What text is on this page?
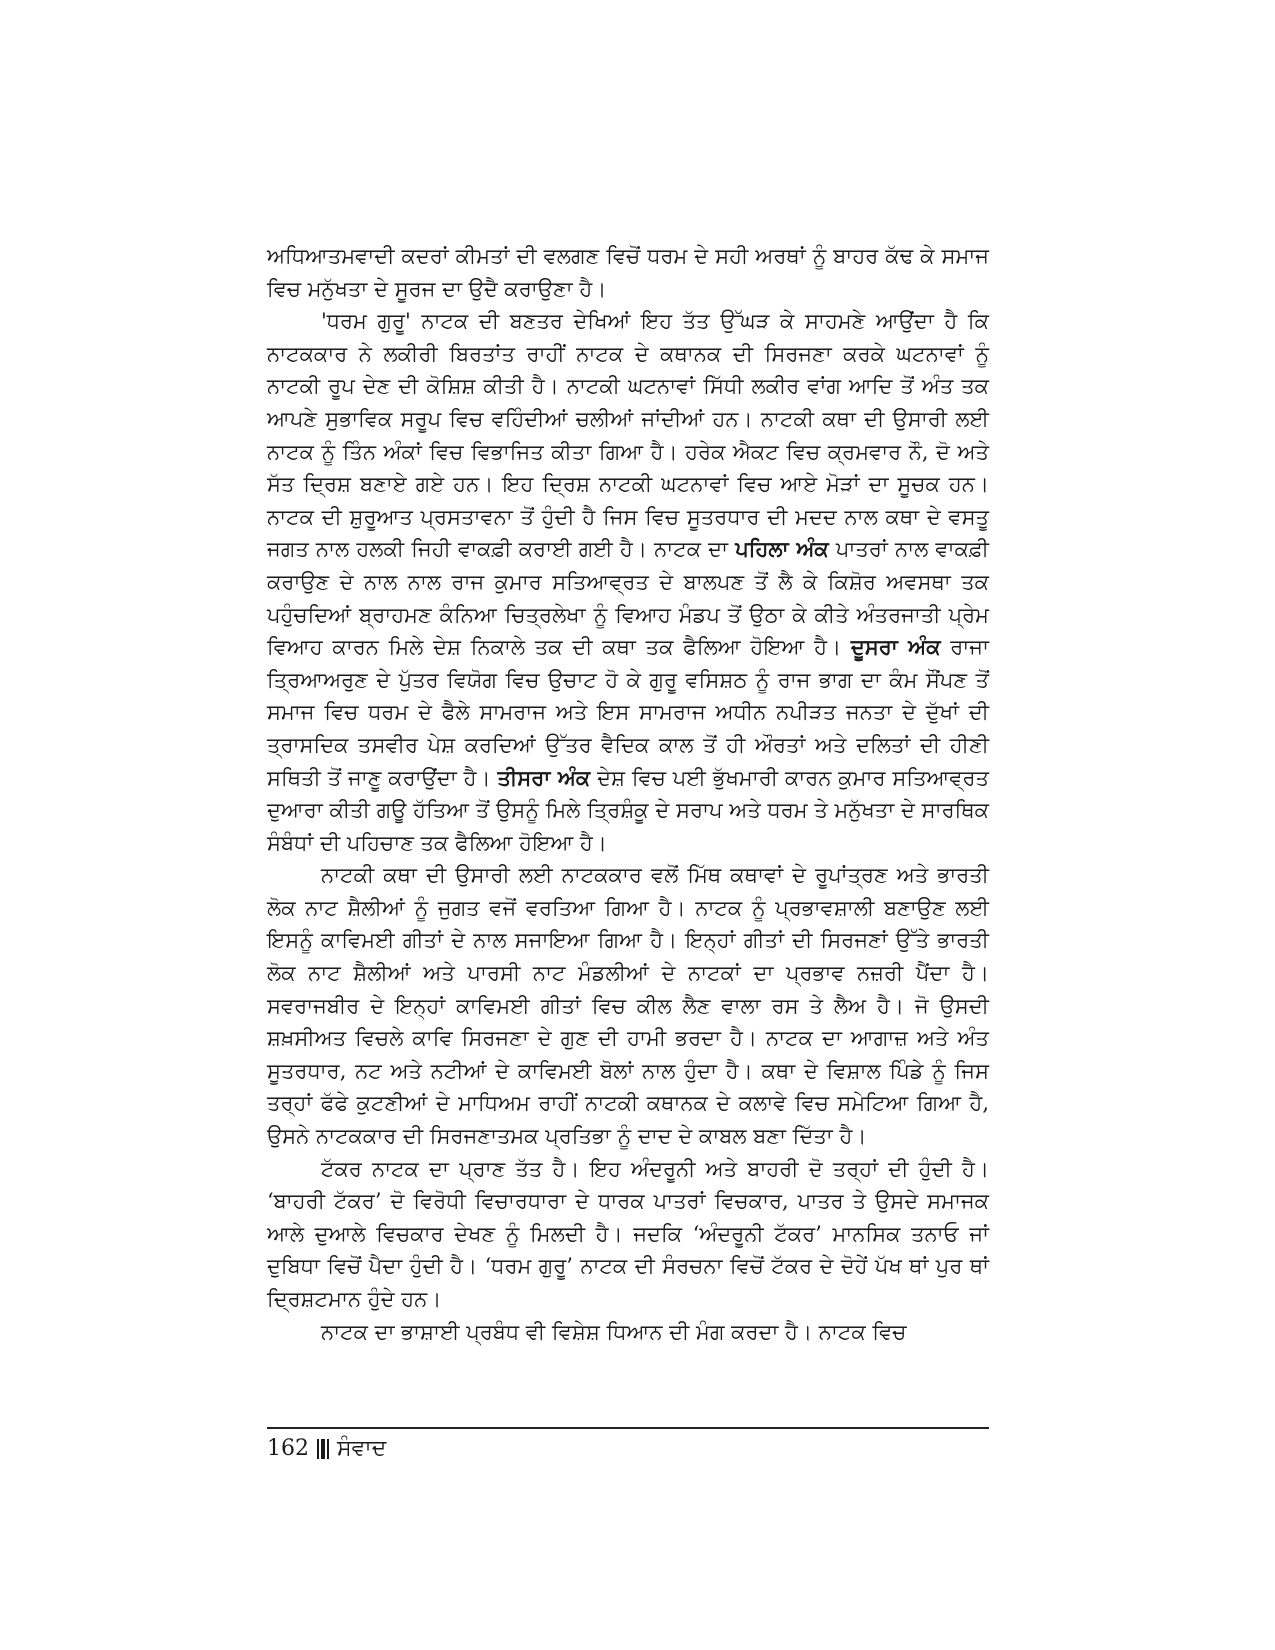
ਅਧਿਆਤਮਵਾਦੀ ਕਦਰਾਂ ਕੀਮਤਾਂ ਦੀ ਵਲਗਣ ਵਿਚੋਂ ਧਰਮ ਦੇ ਸਹੀ ਅਰਥਾਂ ਨੂੰ ਬਾਹਰ ਕੱਢ ਕੇ ਸਮਾਜ ਵਿਚ ਮਨੁੱਖਤਾ ਦੇ ਸੂਰਜ ਦਾ ਉਦੈ ਕਰਾਉਣਾ ਹੈ।

'ਧਰਮ ਗੁਰੂ' ਨਾਟਕ ਦੀ ਬਣਤਰ ਦੇਖਿਆਂ ਇਹ ਤੱਤ ਉੱਘੜ ਕੇ ਸਾਹਮਣੇ ਆਉਂਦਾ ਹੈ ਕਿ ਨਾਟਕਕਾਰ ਨੇ ਲਕੀਰੀ ਬਿਰਤਾਂਤ ਰਾਹੀਂ ਨਾਟਕ ਦੇ ਕਥਾਨਕ ਦੀ ਸਿਰਜਣਾ ਕਰਕੇ ਘਟਨਾਵਾਂ ਨੂੰ ਨਾਟਕੀ ਰੂਪ ਦੇਣ ਦੀ ਕੋਸ਼ਿਸ਼ ਕੀਤੀ ਹੈ। ਨਾਟਕੀ ਘਟਨਾਵਾਂ ਸਿੱਧੀ ਲਕੀਰ ਵਾਂਗ ਆਦਿ ਤੋਂ ਅੰਤ ਤਕ ਆਪਣੇ ਸੁਭਾਵਿਕ ਸਰੂਪ ਵਿਚ ਵਹਿੰਦੀਆਂ ਚਲੀਆਂ ਜਾਂਦੀਆਂ ਹਨ। ਨਾਟਕੀ ਕਥਾ ਦੀ ਉਸਾਰੀ ਲਈ ਨਾਟਕ ਨੂੰ ਤਿੰਨ ਅੰਕਾਂ ਵਿਚ ਵਿਭਾਜਿਤ ਕੀਤਾ ਗਿਆ ਹੈ। ਹਰੇਕ ਐਕਟ ਵਿਚ ਕ੍ਰਮਵਾਰ ਨੌ, ਦੋ ਅਤੇ ਸੱਤ ਦ੍ਰਿਸ਼ ਬਣਾਏ ਗਏ ਹਨ। ਇਹ ਦ੍ਰਿਸ਼ ਨਾਟਕੀ ਘਟਨਾਵਾਂ ਵਿਚ ਆਏ ਮੋੜਾਂ ਦਾ ਸੂਚਕ ਹਨ। ਨਾਟਕ ਦੀ ਸ਼ੁਰੂਆਤ ਪ੍ਰਸਤਾਵਨਾ ਤੋਂ ਹੁੰਦੀ ਹੈ ਜਿਸ ਵਿਚ ਸੂਤਰਧਾਰ ਦੀ ਮਦਦ ਨਾਲ ਕਥਾ ਦੇ ਵਸਤੂ ਜਗਤ ਨਾਲ ਹਲਕੀ ਜਿਹੀ ਵਾਕਫ਼ੀ ਕਰਾਈ ਗਈ ਹੈ। ਨਾਟਕ ਦਾ ਪਹਿਲਾ ਅੰਕ ਪਾਤਰਾਂ ਨਾਲ ਵਾਕਫ਼ੀ ਕਰਾਉਣ ਦੇ ਨਾਲ ਨਾਲ ਰਾਜ ਕੁਮਾਰ ਸਤਿਆਵ੍ਰਤ ਦੇ ਬਾਲਪਣ ਤੋਂ ਲੈ ਕੇ ਕਿਸ਼ੋਰ ਅਵਸਥਾ ਤਕ ਪਹੁੰਚਦਿਆਂ ਬ੍ਰਾਹਮਣ ਕੰਨਿਆ ਚਿਤ੍ਰਲੇਖਾ ਨੂੰ ਵਿਆਹ ਮੰਡਪ ਤੋਂ ਉਠਾ ਕੇ ਕੀਤੇ ਅੰਤਰਜਾਤੀ ਪ੍ਰੇਮ ਵਿਆਹ ਕਾਰਨ ਮਿਲੇ ਦੇਸ਼ ਨਿਕਾਲੇ ਤਕ ਦੀ ਕਥਾ ਤਕ ਫੈਲਿਆ ਹੋਇਆ ਹੈ। ਦੂਸਰਾ ਅੰਕ ਰਾਜਾ ਤ੍ਰਿਆਅਰੁਣ ਦੇ ਪੁੱਤਰ ਵਿਯੋਗ ਵਿਚ ਉਚਾਟ ਹੋ ਕੇ ਗੁਰੂ ਵਸਿਸ਼ਠ ਨੂੰ ਰਾਜ ਭਾਗ ਦਾ ਕੰਮ ਸੌਂਪਣ ਤੋਂ ਸਮਾਜ ਵਿਚ ਧਰਮ ਦੇ ਫੈਲੇ ਸਾਮਰਾਜ ਅਤੇ ਇਸ ਸਾਮਰਾਜ ਅਧੀਨ ਨਪੀੜਤ ਜਨਤਾ ਦੇ ਦੁੱਖਾਂ ਦੀ ਤ੍ਰਾਸਦਿਕ ਤਸਵੀਰ ਪੇਸ਼ ਕਰਦਿਆਂ ਉੱਤਰ ਵੈਦਿਕ ਕਾਲ ਤੋਂ ਹੀ ਔਰਤਾਂ ਅਤੇ ਦਲਿਤਾਂ ਦੀ ਹੀਣੀ ਸਥਿਤੀ ਤੋਂ ਜਾਣੂ ਕਰਾਉਂਦਾ ਹੈ। ਤੀਸਰਾ ਅੰਕ ਦੇਸ਼ ਵਿਚ ਪਈ ਭੁੱਖਮਾਰੀ ਕਾਰਨ ਕੁਮਾਰ ਸਤਿਆਵ੍ਰਤ ਦੁਆਰਾ ਕੀਤੀ ਗਊ ਹੱਤਿਆ ਤੋਂ ਉਸਨੂੰ ਮਿਲੇ ਤ੍ਰਿਸ਼ੰਕੂ ਦੇ ਸਰਾਪ ਅਤੇ ਧਰਮ ਤੇ ਮਨੁੱਖਤਾ ਦੇ ਸਾਰਥਿਕ ਸੰਬੰਧਾਂ ਦੀ ਪਹਿਚਾਣ ਤਕ ਫੈਲਿਆ ਹੋਇਆ ਹੈ।

ਨਾਟਕੀ ਕਥਾ ਦੀ ਉਸਾਰੀ ਲਈ ਨਾਟਕਕਾਰ ਵਲੋਂ ਮਿੱਥ ਕਥਾਵਾਂ ਦੇ ਰੂਪਾਂਤ੍ਰਣ ਅਤੇ ਭਾਰਤੀ ਲੋਕ ਨਾਟ ਸ਼ੈਲੀਆਂ ਨੂੰ ਜੁਗਤ ਵਜੋਂ ਵਰਤਿਆ ਗਿਆ ਹੈ। ਨਾਟਕ ਨੂੰ ਪ੍ਰਭਾਵਸ਼ਾਲੀ ਬਣਾਉਣ ਲਈ ਇਸਨੂੰ ਕਾਵਿਮਈ ਗੀਤਾਂ ਦੇ ਨਾਲ ਸਜਾਇਆ ਗਿਆ ਹੈ। ਇਨ੍ਹਾਂ ਗੀਤਾਂ ਦੀ ਸਿਰਜਣਾਂ ਉੱਤੇ ਭਾਰਤੀ ਲੋਕ ਨਾਟ ਸ਼ੈਲੀਆਂ ਅਤੇ ਪਾਰਸੀ ਨਾਟ ਮੰਡਲੀਆਂ ਦੇ ਨਾਟਕਾਂ ਦਾ ਪ੍ਰਭਾਵ ਨਜ਼ਰੀ ਪੈਂਦਾ ਹੈ। ਸਵਰਾਜਬੀਰ ਦੇ ਇਨ੍ਹਾਂ ਕਾਵਿਮਈ ਗੀਤਾਂ ਵਿਚ ਕੀਲ ਲੈਣ ਵਾਲਾ ਰਸ ਤੇ ਲੈਅ ਹੈ। ਜੋ ਉਸਦੀ ਸ਼ਖ਼ਸੀਅਤ ਵਿਚਲੇ ਕਾਵਿ ਸਿਰਜਣਾ ਦੇ ਗੁਣ ਦੀ ਹਾਮੀ ਭਰਦਾ ਹੈ। ਨਾਟਕ ਦਾ ਆਗਾਜ਼ ਅਤੇ ਅੰਤ ਸੂਤਰਧਾਰ, ਨਟ ਅਤੇ ਨਟੀਆਂ ਦੇ ਕਾਵਿਮਈ ਬੋਲਾਂ ਨਾਲ ਹੁੰਦਾ ਹੈ। ਕਥਾ ਦੇ ਵਿਸ਼ਾਲ ਪਿੰਡੇ ਨੂੰ ਜਿਸ ਤਰ੍ਹਾਂ ਫੱਫੇ ਕੁਟਣੀਆਂ ਦੇ ਮਾਧਿਅਮ ਰਾਹੀਂ ਨਾਟਕੀ ਕਥਾਨਕ ਦੇ ਕਲਾਵੇ ਵਿਚ ਸਮੇਟਿਆ ਗਿਆ ਹੈ, ਉਸਨੇ ਨਾਟਕਕਾਰ ਦੀ ਸਿਰਜਣਾਤਮਕ ਪ੍ਰਤਿਭਾ ਨੂੰ ਦਾਦ ਦੇ ਕਾਬਲ ਬਣਾ ਦਿੱਤਾ ਹੈ।

ਟੱਕਰ ਨਾਟਕ ਦਾ ਪ੍ਰਾਣ ਤੱਤ ਹੈ। ਇਹ ਅੰਦਰੂਨੀ ਅਤੇ ਬਾਹਰੀ ਦੋ ਤਰ੍ਹਾਂ ਦੀ ਹੁੰਦੀ ਹੈ। ‘ਬਾਹਰੀ ਟੱਕਰ’ ਦੋ ਵਿਰੋਧੀ ਵਿਚਾਰਧਾਰਾ ਦੇ ਧਾਰਕ ਪਾਤਰਾਂ ਵਿਚਕਾਰ, ਪਾਤਰ ਤੇ ਉਸਦੇ ਸਮਾਜਕ ਆਲੇ ਦੁਆਲੇ ਵਿਚਕਾਰ ਦੇਖਣ ਨੂੰ ਮਿਲਦੀ ਹੈ। ਜਦਕਿ ‘ਅੰਦਰੂਨੀ ਟੱਕਰ’ ਮਾਨਸਿਕ ਤਨਾਓ ਜਾਂ ਦੁਬਿਧਾ ਵਿਚੋਂ ਪੈਦਾ ਹੁੰਦੀ ਹੈ। ‘ਧਰਮ ਗੁਰੂ’ ਨਾਟਕ ਦੀ ਸੰਰਚਨਾ ਵਿਚੋਂ ਟੱਕਰ ਦੇ ਦੋਹੇਂ ਪੱਖ ਥਾਂ ਪੁਰ ਥਾਂ ਦ੍ਰਿਸ਼ਟਮਾਨ ਹੁੰਦੇ ਹਨ।

ਨਾਟਕ ਦਾ ਭਾਸ਼ਾਈ ਪ੍ਰਬੰਧ ਵੀ ਵਿਸ਼ੇਸ਼ ਧਿਆਨ ਦੀ ਮੰਗ ਕਰਦਾ ਹੈ। ਨਾਟਕ ਵਿਚ

162 ਸੰਵਾਦ
